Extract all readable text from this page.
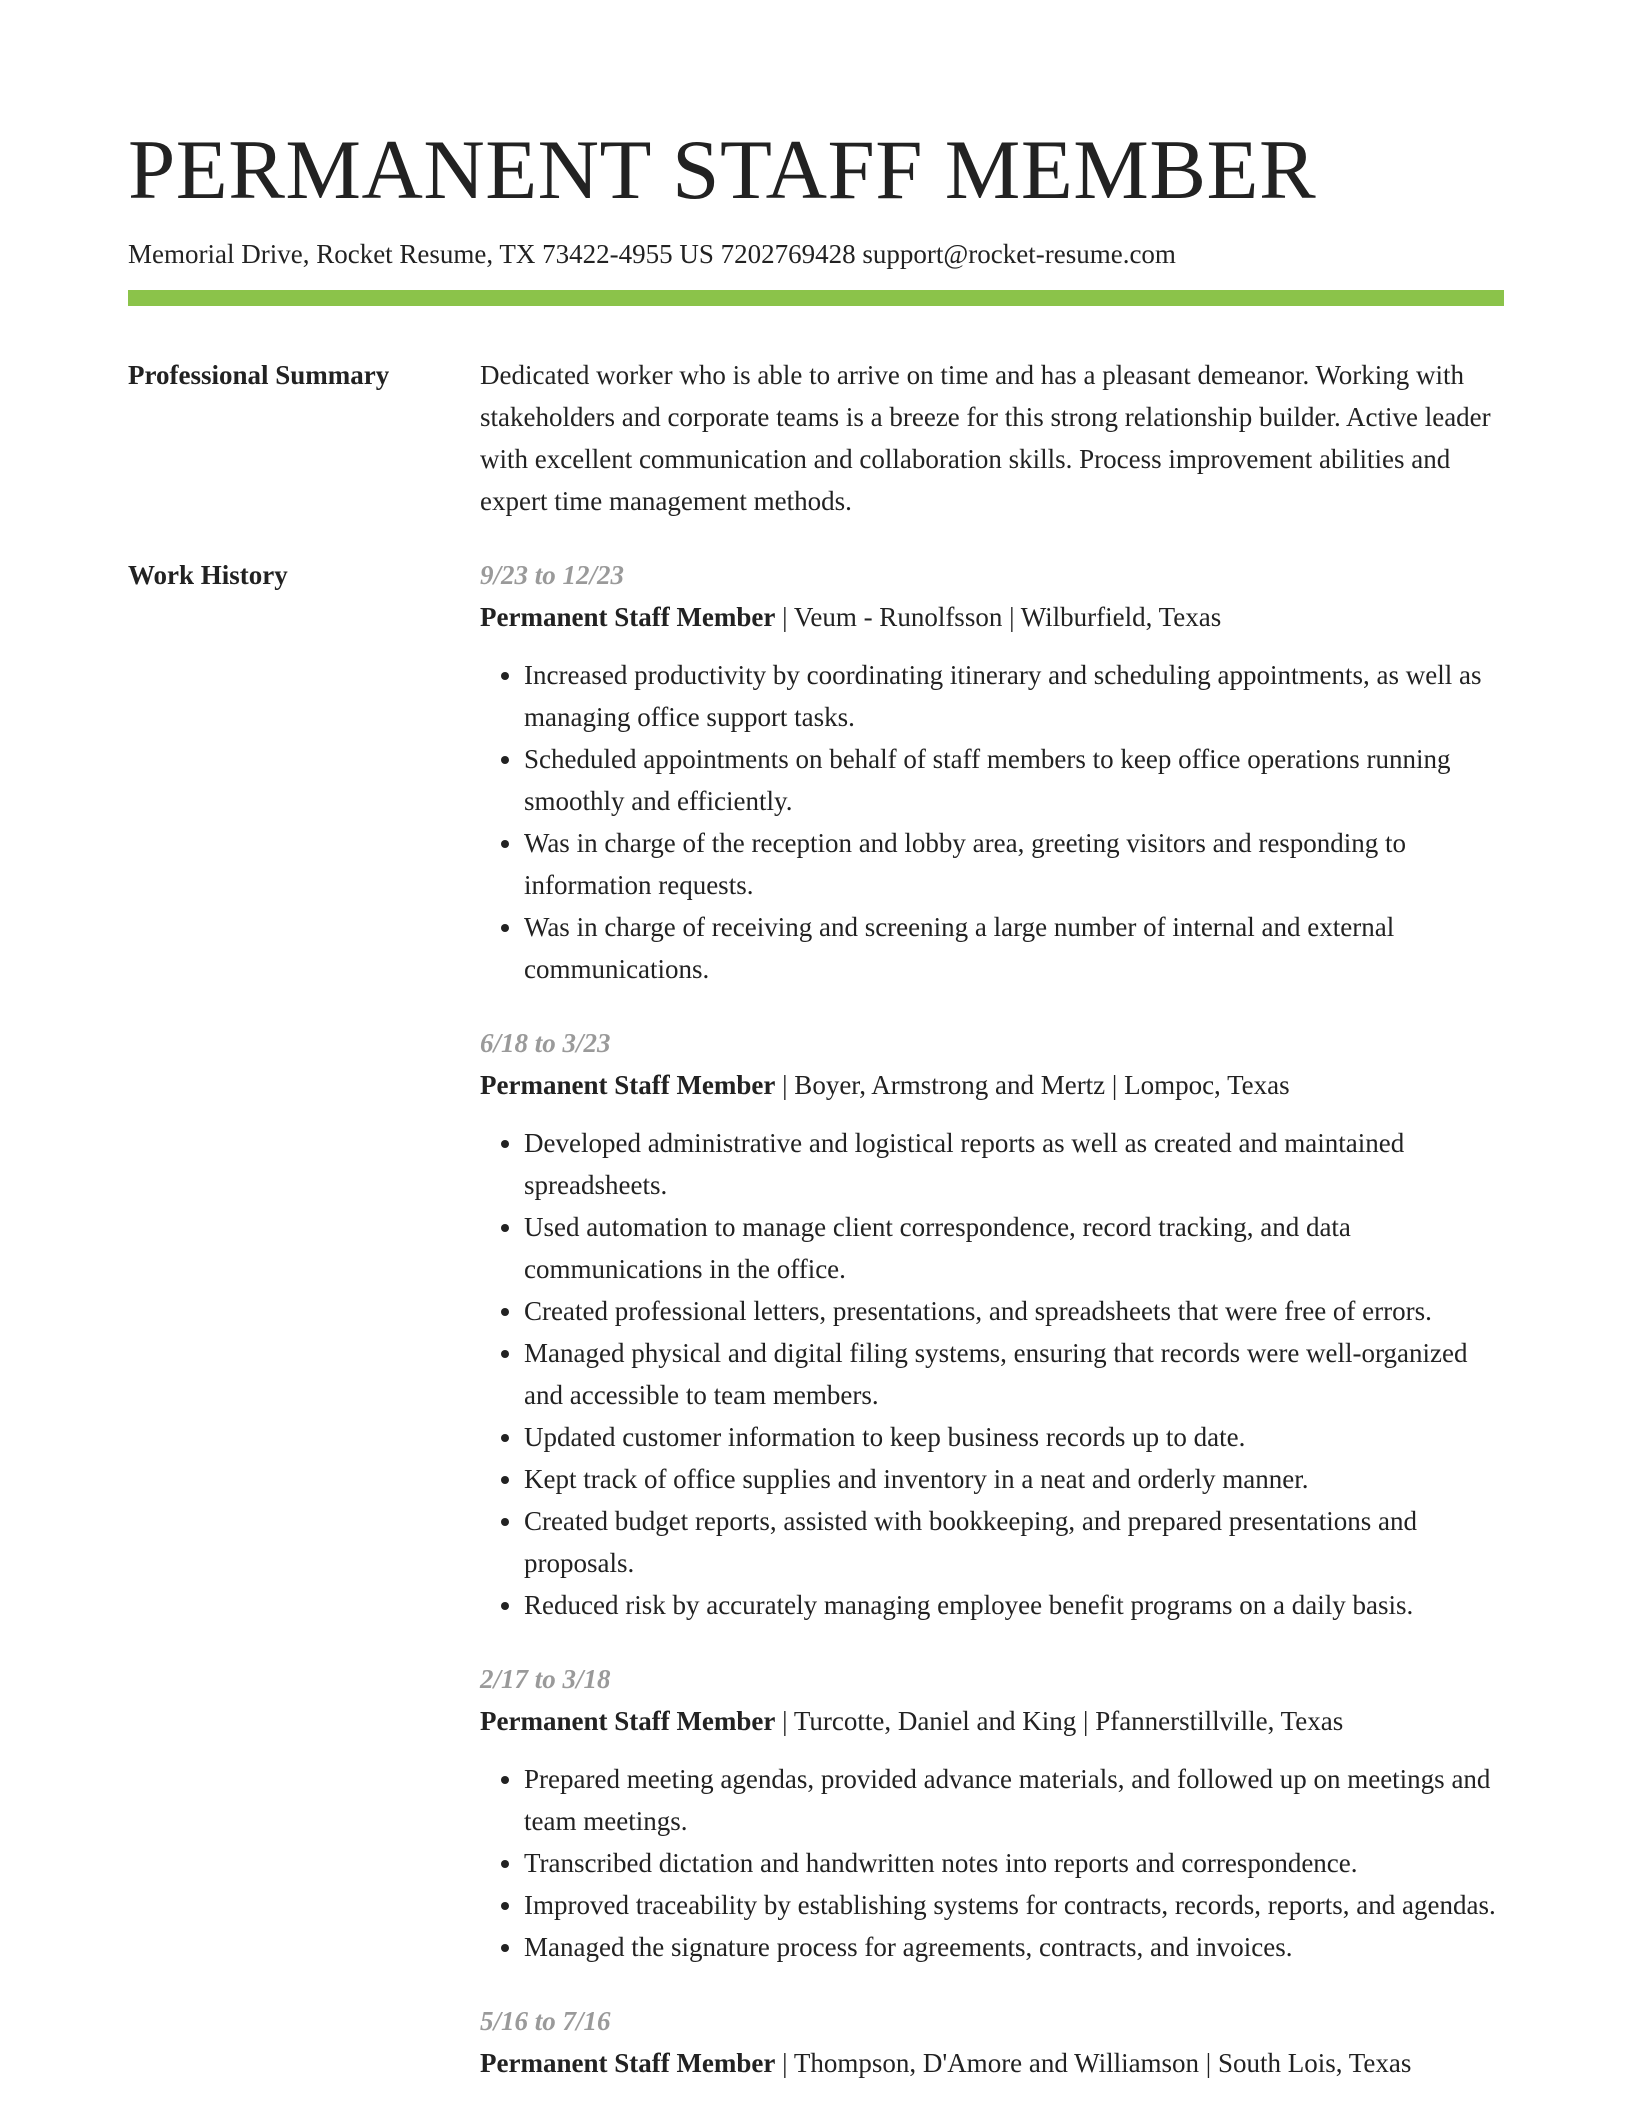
PERMANENT STAFF MEMBER
Memorial Drive, Rocket Resume, TX 73422-4955 US 7202769428 support@rocket-resume.com
Professional Summary	Dedicated worker who is able to arrive on time and has a pleasant demeanor. Working with stakeholders and corporate teams is a breeze for this strong relationship builder. Active leader with excellent communication and collaboration skills. Process improvement abilities and expert time management methods.

Work History	9/23 to 12/23
Permanent Staff Member | Veum - Runolfsson | Wilburfield, Texas
• Increased productivity by coordinating itinerary and scheduling appointments, as well as managing office support tasks.
• Scheduled appointments on behalf of staff members to keep office operations running smoothly and efficiently.
• Was in charge of the reception and lobby area, greeting visitors and responding to information requests.
• Was in charge of receiving and screening a large number of internal and external communications.
6/18 to 3/23
Permanent Staff Member | Boyer, Armstrong and Mertz | Lompoc, Texas
• Developed administrative and logistical reports as well as created and maintained spreadsheets.
• Used automation to manage client correspondence, record tracking, and data communications in the office.
• Created professional letters, presentations, and spreadsheets that were free of errors.
• Managed physical and digital filing systems, ensuring that records were well-organized and accessible to team members.
• Updated customer information to keep business records up to date.
• Kept track of office supplies and inventory in a neat and orderly manner.
• Created budget reports, assisted with bookkeeping, and prepared presentations and proposals.
• Reduced risk by accurately managing employee benefit programs on a daily basis.
2/17 to 3/18
Permanent Staff Member | Turcotte, Daniel and King | Pfannerstillville, Texas
• Prepared meeting agendas, provided advance materials, and followed up on meetings and team meetings.
• Transcribed dictation and handwritten notes into reports and correspondence.
• Improved traceability by establishing systems for contracts, records, reports, and agendas.
• Managed the signature process for agreements, contracts, and invoices.
5/16 to 7/16
Permanent Staff Member | Thompson, D'Amore and Williamson | South Lois, Texas
